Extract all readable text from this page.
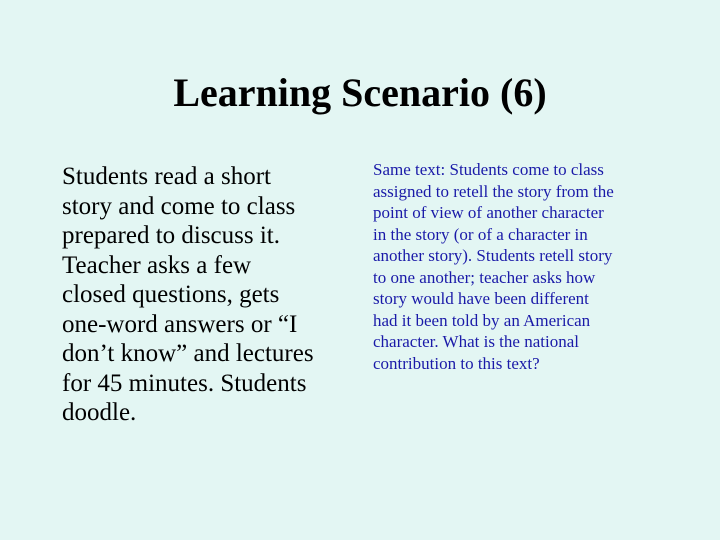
Learning Scenario (6)
Students read a short
story and come to class
prepared to discuss it.
Teacher asks a few
closed questions, gets
one-word answers or “I
don’t know” and lectures
for 45 minutes. Students
doodle.
Same text: Students come to class
assigned to retell the story from the
point of view of another character
in the story (or of a character in
another story). Students retell story
to one another; teacher asks how
story would have been different
had it been told by an American
character. What is the national
contribution to this text?
